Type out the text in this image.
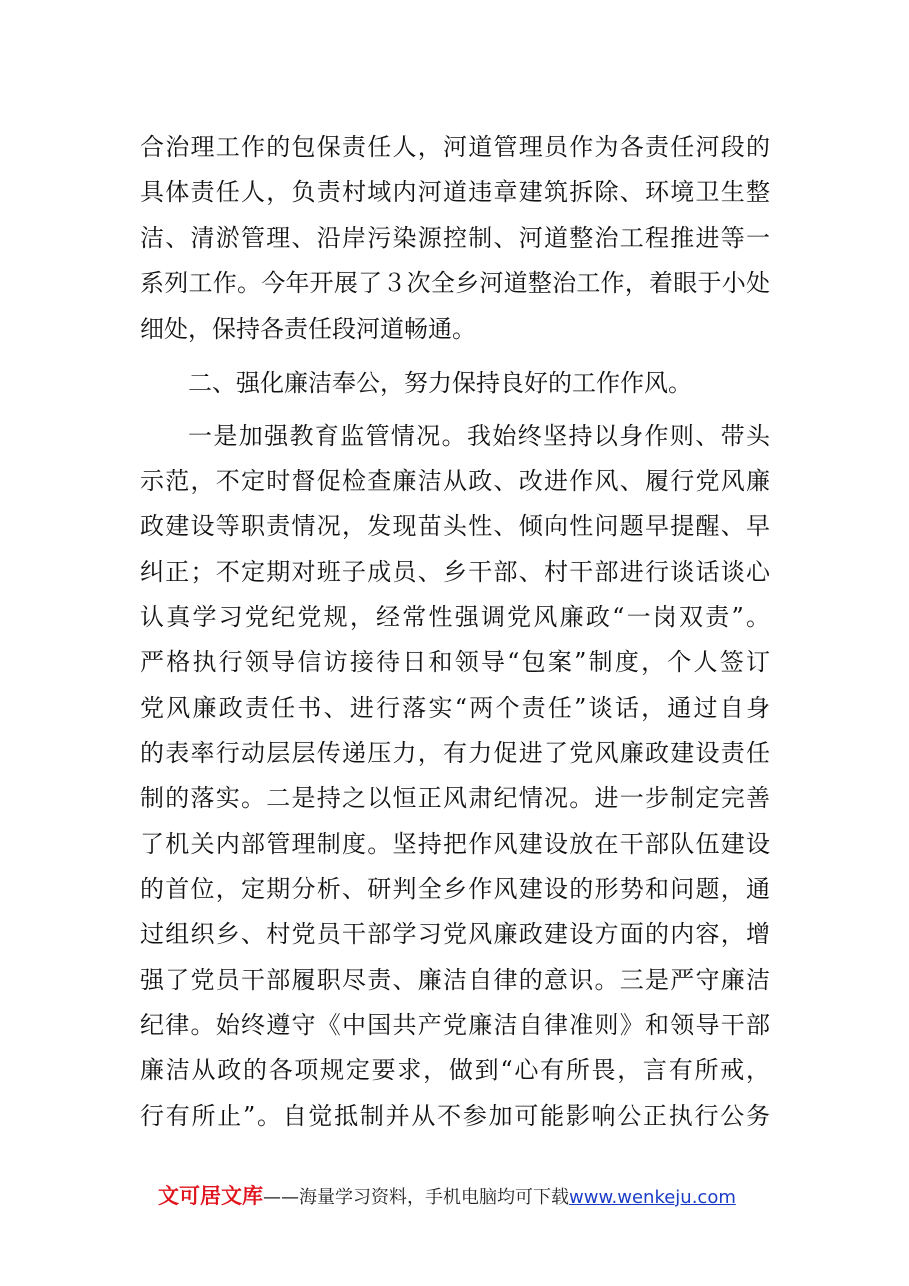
合治理工作的包保责任人，河道管理员作为各责任河段的
具体责任人，负责村域内河道违章建筑拆除、环境卫生整
洁、清淤管理、沿岸污染源控制、河道整治工程推进等一
系列工作。今年开展了３次全乡河道整治工作，着眼于小处
细处，保持各责任段河道畅通。
二、强化廉洁奉公，努力保持良好的工作作风。
一是加强教育监管情况。我始终坚持以身作则、带头
示范，不定时督促检查廉洁从政、改进作风、履行党风廉
政建设等职责情况，发现苗头性、倾向性问题早提醒、早
纠正；不定期对班子成员、乡干部、村干部进行谈话谈心
认真学习党纪党规，经常性强调党风廉政“一岗双责”。
严格执行领导信访接待日和领导“包案”制度，个人签订
党风廉政责任书、进行落实“两个责任”谈话，通过自身
的表率行动层层传递压力，有力促进了党风廉政建设责任
制的落实。二是持之以恒正风肃纪情况。进一步制定完善
了机关内部管理制度。坚持把作风建设放在干部队伍建设
的首位，定期分析、研判全乡作风建设的形势和问题，通
过组织乡、村党员干部学习党风廉政建设方面的内容，增
强了党员干部履职尽责、廉洁自律的意识。三是严守廉洁
纪律。始终遵守《中国共产党廉洁自律准则》和领导干部
廉洁从政的各项规定要求，做到“心有所畏，言有所戒，
行有所止”。自觉抵制并从不参加可能影响公正执行公务
文可居文库——海量学习资料，手机电脑均可下载www.wenkeju.com
